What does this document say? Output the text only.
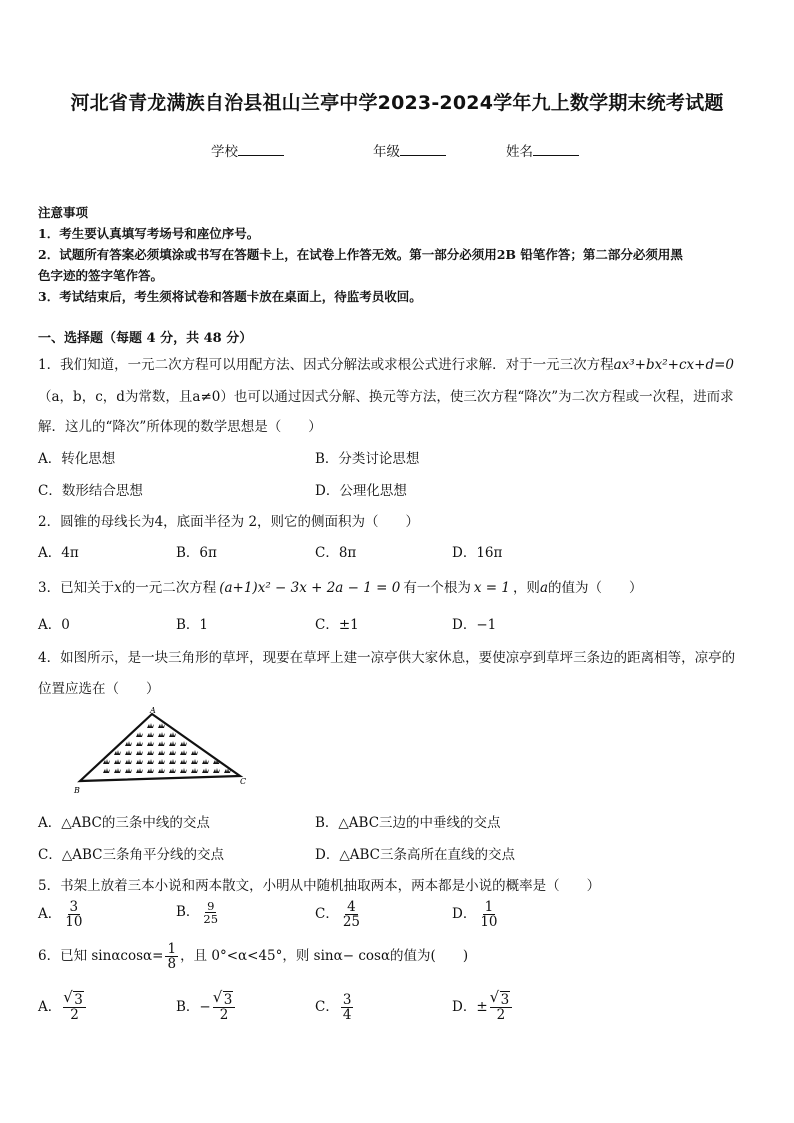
河北省青龙满族自治县祖山兰亭中学2023-2024学年九上数学期末统考试题
学校	年级	姓名
注意事项
1．考生要认真填写考场号和座位序号。
2．试题所有答案必须填涂或书写在答题卡上，在试卷上作答无效。第一部分必须用2B 铅笔作答；第二部分必须用黑
色字迹的签字笔作答。
3．考试结束后，考生须将试卷和答题卡放在桌面上，待监考员收回。
一、选择题（每题 4 分，共 48 分）
1．我们知道，一元二次方程可以用配方法、因式分解法或求根公式进行求解．对于一元三次方程ax³+bx²+cx+d=0
（a，b，c，d为常数，且a≠0）也可以通过因式分解、换元等方法，使三次方程“降次”为二次方程或一次程，进而求
解．这儿的“降次”所体现的数学思想是（　　）
A．转化思想	B．分类讨论思想
C．数形结合思想	D．公理化思想
2．圆锥的母线长为4，底面半径为 2，则它的侧面积为（　　）
A．4π	B．6π	C．8π	D．16π
3．已知关于x的一元二次方程 (a+1)x² − 3x + 2a − 1 = 0 有一个根为 x = 1 ，则a的值为（　　）
A．0	B．1	C．±1	D．−1
4．如图所示，是一块三角形的草坪，现要在草坪上建一凉亭供大家休息，要使凉亭到草坪三条边的距离相等，凉亭的
位置应选在（　　）
A
B
C
A．△ABC的三条中线的交点	B．△ABC三边的中垂线的交点
C．△ABC三条角平分线的交点	D．△ABC三条高所在直线的交点
5．书架上放着三本小说和两本散文，小明从中随机抽取两本，两本都是小说的概率是（　　）
A． $\frac{3}{10}$	B． $\frac{9}{25}$	C． $\frac{4}{25}$	D． $\frac{1}{10}$
6．已知 $\sin\alpha\cos\alpha= \frac{1}{8}$ ，且 0°<α<45°，则 sinα− cosα的值为(　　)
A． $\frac{√ 3}{2}$	B．− $\frac{√ 3}{2}$	C． $\frac{3}{4}$	D．± $\frac{√ 3}{2}$
